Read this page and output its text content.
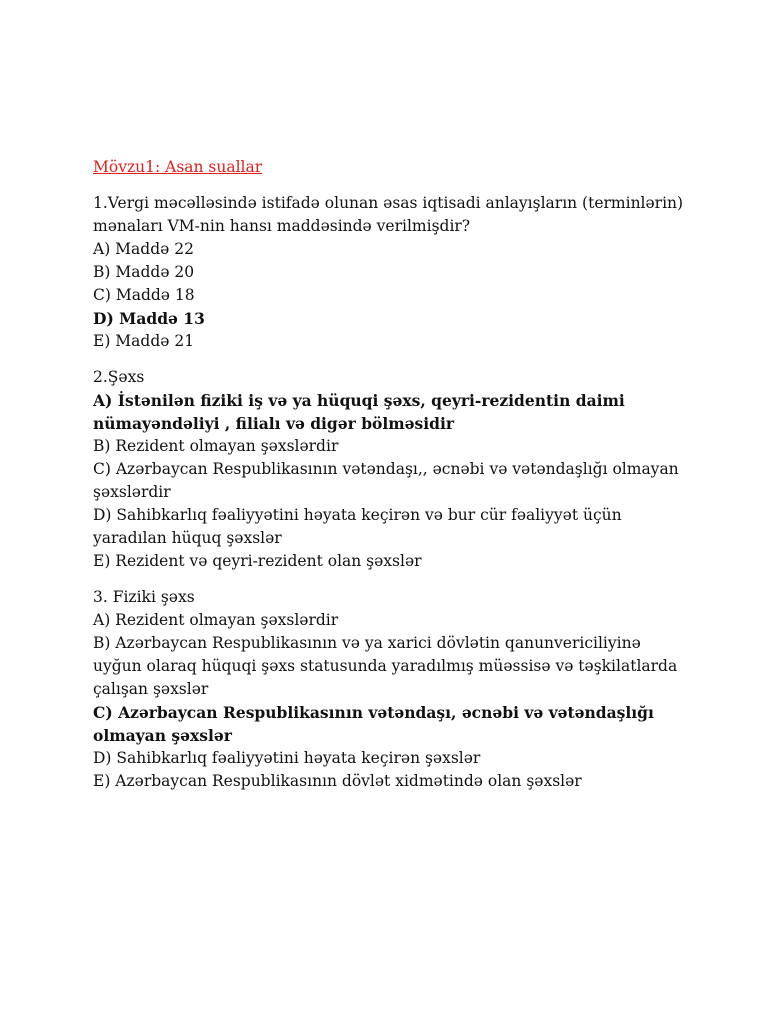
Mövzu1: Asan suallar
1.Vergi məcəlləsində istifadə olunan əsas iqtisadi anlayışların (terminlərin)
mənaları VM-nin hansı maddəsində verilmişdir?
A) Maddə 22
B) Maddə 20
C) Maddə 18
D) Maddə 13
E) Maddə 21
2.Şəxs
A) İstənilən fiziki iş və ya hüquqi şəxs, qeyri-rezidentin daimi
nümayəndəliyi , filialı və digər bölməsidir
B) Rezident olmayan şəxslərdir
C) Azərbaycan Respublikasının vətəndaşı,, əcnəbi və vətəndaşlığı olmayan
şəxslərdir
D) Sahibkarlıq fəaliyyətini həyata keçirən və bur cür fəaliyyət üçün
yaradılan hüquq şəxslər
E) Rezident və qeyri-rezident olan şəxslər
3. Fiziki şəxs
A) Rezident olmayan şəxslərdir
B) Azərbaycan Respublikasının və ya xarici dövlətin qanunvericiliyinə
uyğun olaraq hüquqi şəxs statusunda yaradılmış müəssisə və təşkilatlarda
çalışan şəxslər
C) Azərbaycan Respublikasının vətəndaşı, əcnəbi və vətəndaşlığı
olmayan şəxslər
D) Sahibkarlıq fəaliyyətini həyata keçirən şəxslər
E) Azərbaycan Respublikasının dövlət xidmətində olan şəxslər
